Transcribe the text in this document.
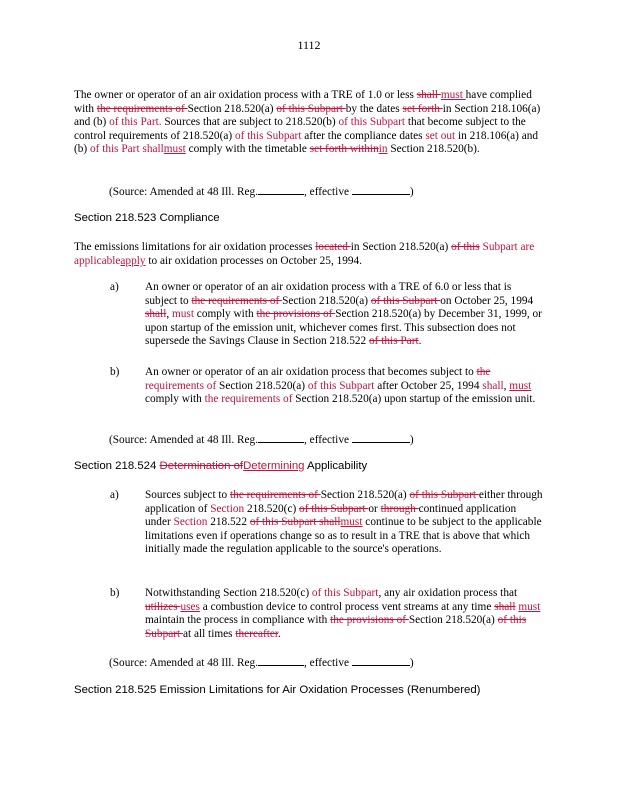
1112

The owner or operator of an air oxidation process with a TRE of 1.0 or less shall must have complied with the requirements of Section 218.520(a) of this Subpart by the dates set forth in Section 218.106(a) and (b) of this Part. Sources that are subject to 218.520(b) of this Subpart that become subject to the control requirements of 218.520(a) of this Subpart after the compliance dates set out in 218.106(a) and (b) of this Part shallmust comply with the timetable set forth withinin Section 218.520(b).

(Source: Amended at 48 Ill. Reg.	, effective	)

Section 218.523 Compliance

The emissions limitations for air oxidation processes located in Section 218.520(a) of this Subpart are applicableapply to air oxidation processes on October 25, 1994.

a) An owner or operator of an air oxidation process with a TRE of 6.0 or less that is subject to the requirements of Section 218.520(a) of this Subpart on October 25, 1994 shall, must comply with the provisions of Section 218.520(a) by December 31, 1999, or upon startup of the emission unit, whichever comes first. This subsection does not supersede the Savings Clause in Section 218.522 of this Part.

b) An owner or operator of an air oxidation process that becomes subject to the requirements of Section 218.520(a) of this Subpart after October 25, 1994 shall, must comply with the requirements of Section 218.520(a) upon startup of the emission unit.

(Source: Amended at 48 Ill. Reg.	, effective	)

Section 218.524 Determination ofDetermining Applicability

a) Sources subject to the requirements of Section 218.520(a) of this Subpart either through application of Section 218.520(c) of this Subpart or through continued application under Section 218.522 of this Subpart shallmust continue to be subject to the applicable limitations even if operations change so as to result in a TRE that is above that which initially made the regulation applicable to the source's operations.

b) Notwithstanding Section 218.520(c) of this Subpart, any air oxidation process that utilizes uses a combustion device to control process vent streams at any time shall must maintain the process in compliance with the provisions of Section 218.520(a) of this Subpart at all times thereafter.

(Source: Amended at 48 Ill. Reg.	, effective	)

Section 218.525 Emission Limitations for Air Oxidation Processes (Renumbered)
